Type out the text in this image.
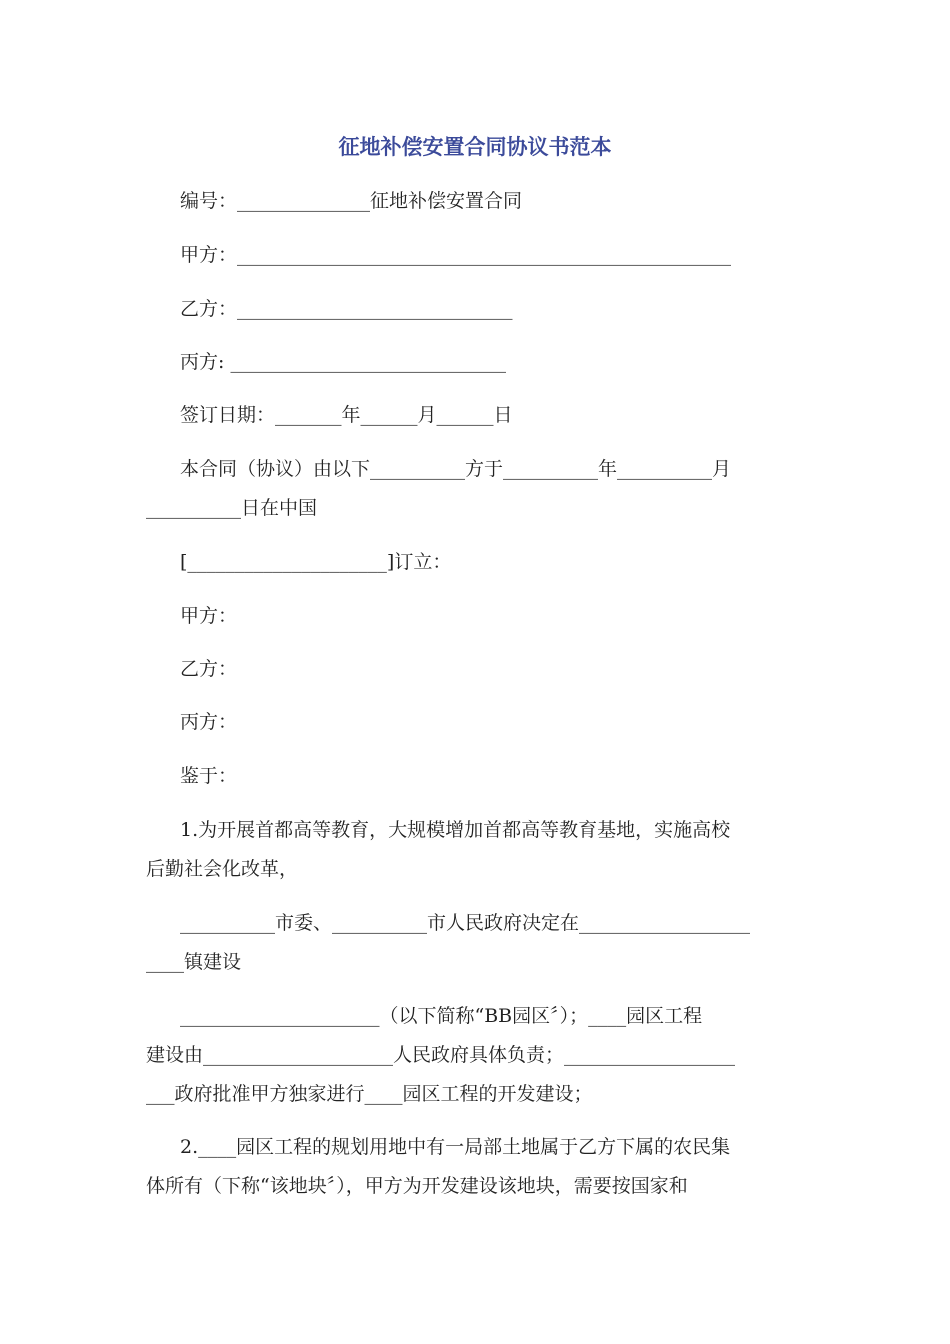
征地补偿安置合同协议书范本
编号：______________征地补偿安置合同
甲方：____________________________________________________
乙方：_____________________________
丙方: _____________________________
签订日期：_______年______月______日
本合同（协议）由以下__________方于__________年__________月
__________日在中国
[_____________________]订立：
甲方：
乙方：
丙方：
鉴于：
1.为开展首都高等教育，大规模增加首都高等教育基地，实施高校
后勤社会化改革，
__________市委、__________市人民政府决定在__________________
____镇建设
_____________________（以下简称“BB园区〞）；____园区工程
建设由____________________人民政府具体负责；__________________
___政府批准甲方独家进行____园区工程的开发建设；
2.____园区工程的规划用地中有一局部土地属于乙方下属的农民集
体所有（下称“该地块〞），甲方为开发建设该地块，需要按国家和
